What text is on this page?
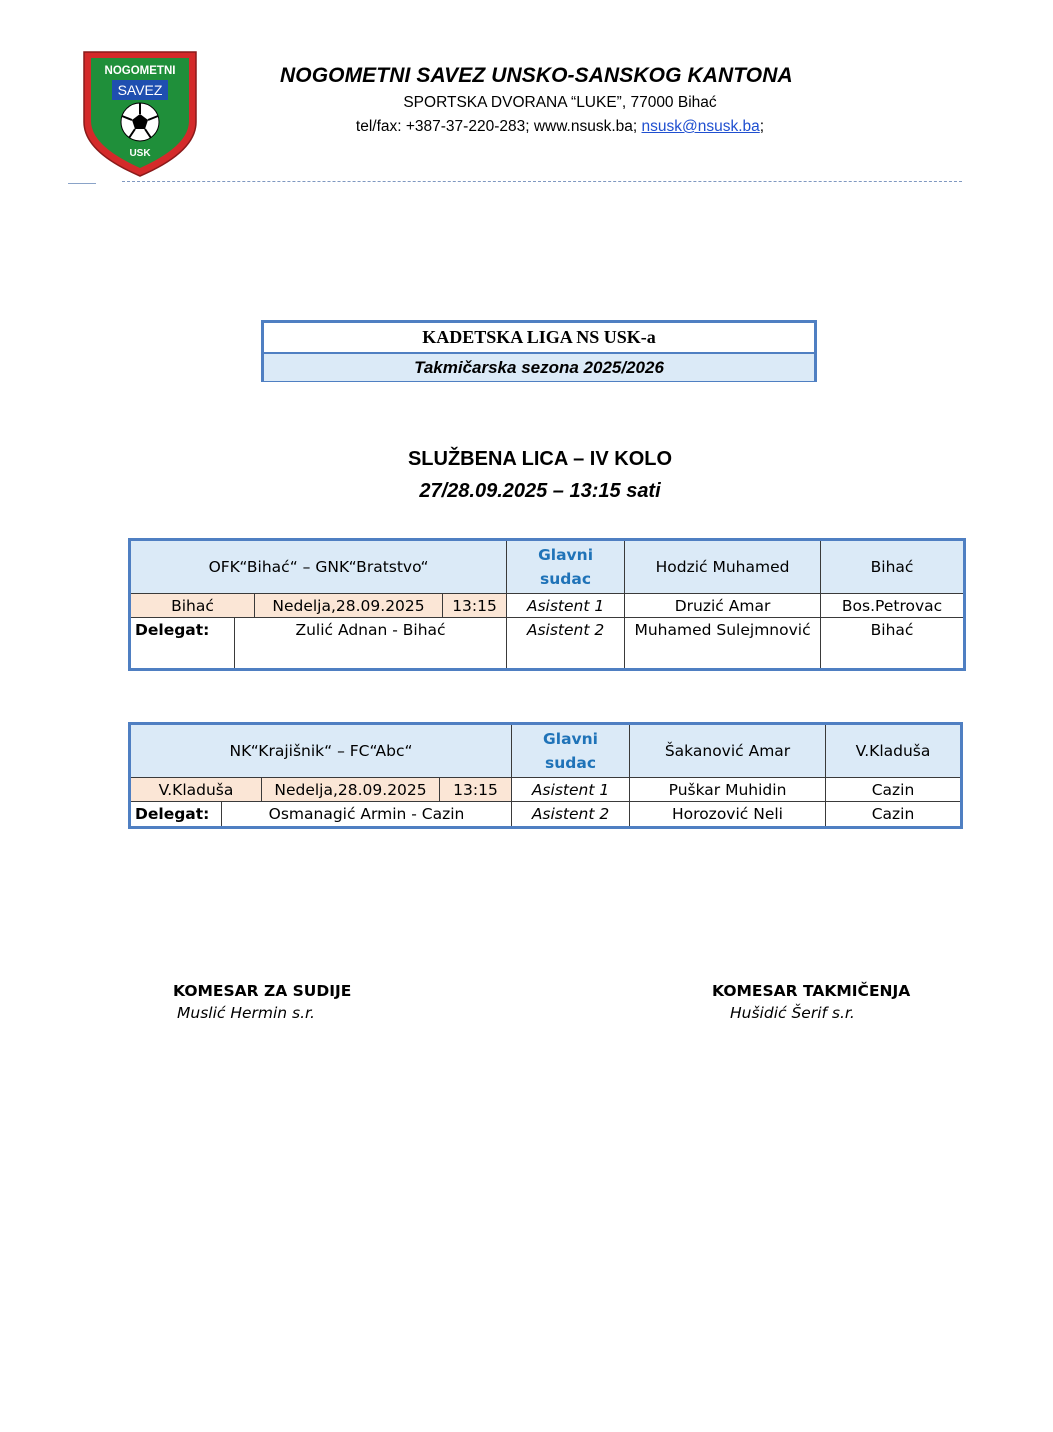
NOGOMETNI
SAVEZ
USK
NOGOMETNI SAVEZ UNSKO-SANSKOG KANTONA
SPORTSKA DVORANA “LUKE”, 77000 Bihać
tel/fax: +387-37-220-283; www.nsusk.ba; nsusk@nsusk.ba;
KADETSKA LIGA NS USK-a
Takmičarska sezona 2025/2026
SLUŽBENA LICA – IV KOLO
27/28.09.2025 – 13:15 sati
OFK“Bihać“ – GNK“Bratstvo“				Glavni sudac	Hodzić Muhamed	Bihać
Bihać		Nedelja,28.09.2025	13:15	Asistent 1	Druzić Amar	Bos.Petrovac
Delegat:	Zulić Adnan - Bihać			Asistent 2	Muhamed Sulejmnović	Bihać
NK“Krajišnik“ – FC“Abc“				Glavni sudac	Šakanović Amar	V.Kladuša
V.Kladuša		Nedelja,28.09.2025	13:15	Asistent 1	Puškar Muhidin	Cazin
Delegat:	Osmanagić Armin - Cazin			Asistent 2	Horozović Neli	Cazin
KOMESAR ZA SUDIJE
Muslić Hermin s.r.
KOMESAR TAKMIČENJA
Hušidić Šerif s.r.
